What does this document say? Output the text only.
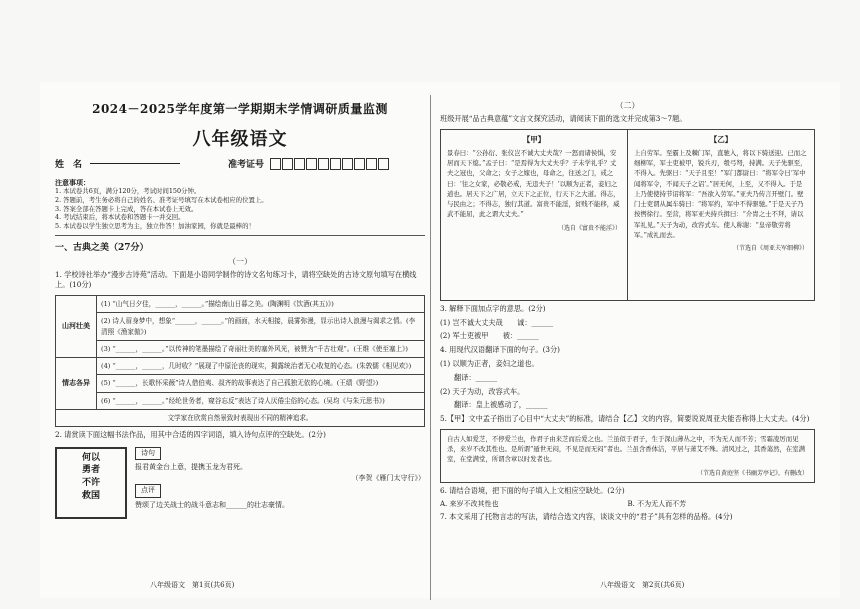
2024－2025学年度第一学期期末学情调研质量监测
八年级语文
姓　名	准考证号
注意事项：
1. 本试卷共6页，满分120分，考试时间150分钟。
2. 答题前，考生务必将自己的姓名、准考证号填写在本试卷相应的位置上。
3. 答案全部在答题卡上完成，答在本试卷上无效。
4. 考试结束后，将本试卷和答题卡一并交回。
5. 本试卷以学生独立思考为主，独立作答！加油家园，你就是最棒的！
一、古典之美（27分）
（一）
1. 学校诗社举办“漫步古诗苑”活动。下面是小语同学制作的诗文名句练习卡，请将空缺处的古诗文原句填写在横线上。(10分)
山河壮美	(1) “山气日夕佳，______，______。”描绘南山日暮之美。(陶渊明《饮酒(其五)》)
	(2) 诗人眉身梦中，想象“______，______。”的画面，水天相接，晨雾弥漫，显示出诗人浪漫与渴求之情。(李清照《渔家傲》)
	(3) “______，______。”以传神的笔墨描绘了奇丽壮美的塞外风光，被赞为“千古壮观”。(王维《使至塞上》)
情志各异	(4) “______，______，几时收？”展现了中原沦丧的现实，揭露统治者无心收复的心态。(朱敦儒《相见欢》)
	(5) “______，长歌怀采薇”诗人借伯夷、叔齐的故事表达了自己孤独无依的心境。(王绩《野望》)
	(6) “______，______。”经纶世务者，窥谷忘反”表达了诗人厌倦尘俗的心态。(吴均《与朱元思书》)
文学家在欣赏自然景致时表现出不同的精神追求。	
2. 请赏读下面这幅书法作品，用其中合适的四字词语，填入诗句点评的空缺处。(2分)
何以
勇者
不许
救国
诗句
报君黄金台上意，提携玉龙为君死。
（李贺《雁门太守行》）
点评
赞颂了边关战士的战斗意志和______的壮志豪情。
（二）
班级开展“品古典意蕴”文言文探究活动，请阅读下面的选文并完成第3～7题。
【甲】
景春曰：“公孙衍、张仪岂不诚大丈夫哉？一怒而诸侯惧，安居而天下熄。”孟子曰：“是焉得为大丈夫乎？子未学礼乎？丈夫之冠也，父命之；女子之嫁也，母命之，往送之门，戒之曰：‘往之女家，必敬必戒，无违夫子！’以顺为正者，妾妇之道也。居天下之广居，立天下之正位，行天下之大道。得志，与民由之；不得志，独行其道。富贵不能淫，贫贱不能移，威武不能屈，此之谓大丈夫。”
（选自《富贵不能淫》）
【乙】
上自劳军。至霸上及棘门军，直驰入，将以下骑送迎。已而之细柳军，军士吏被甲，锐兵刃，彀弓弩，持满。天子先驱至，不得入。先驱曰：“天子且至！”军门都尉曰：“将军令曰‘军中闻将军令，不闻天子之诏’。”居无何，上至，又不得入。于是上乃使使持节诏将军：“吾欲入劳军。”亚夫乃传言开壁门。壁门士吏谓从属车骑曰：“将军约，军中不得驱驰。”于是天子乃按辔徐行。至营，将军亚夫持兵揖曰：“介胄之士不拜，请以军礼见。”天子为动，改容式车。使人称谢：“皇帝敬劳将军。”成礼而去。
（节选自《周亚夫军细柳》）
3. 解释下面加点字的意思。(2分)
(1) 岂不诚大丈夫哉　　诚：______
(2) 军士吏被甲　　被：______
4. 用现代汉语翻译下面的句子。(3分)
(1) 以顺为正者，妾妇之道也。
翻译：______
(2) 天子为动，改容式车。
翻译：皇上被感动了，______
5.【甲】文中孟子指出了心目中“大丈夫”的标准，请结合【乙】文的内容，简要说说周亚夫能否称得上大丈夫。(4分)
自古人如爱芝，不停爱兰也，作君子由来芝而后爱之也。兰虽似于君子，生于深山薄丛之中，不为无人而不芳；雪霜凌厉而见杀，来岁不改其性也。是所谓“遁世无闷，不见是而无闷”者也。兰虽含香体洁，平居与萧艾不殊。清风过之，其香蔼然，在室满室，在堂满堂，所谓含章以时发者也。
（节选自黄庭坚《书幽芳亭记》，有删改）
6. 请结合语境，把下面的句子填入上文相应空缺处。(2分)
A. 来岁不改其性也	B. 不为无人而不芳
7. 本文采用了托物言志的写法，请结合选文内容，谈谈文中的“君子”具有怎样的品格。(4分)
八年级语文　第1页(共6页)	八年级语文　第2页(共6页)
